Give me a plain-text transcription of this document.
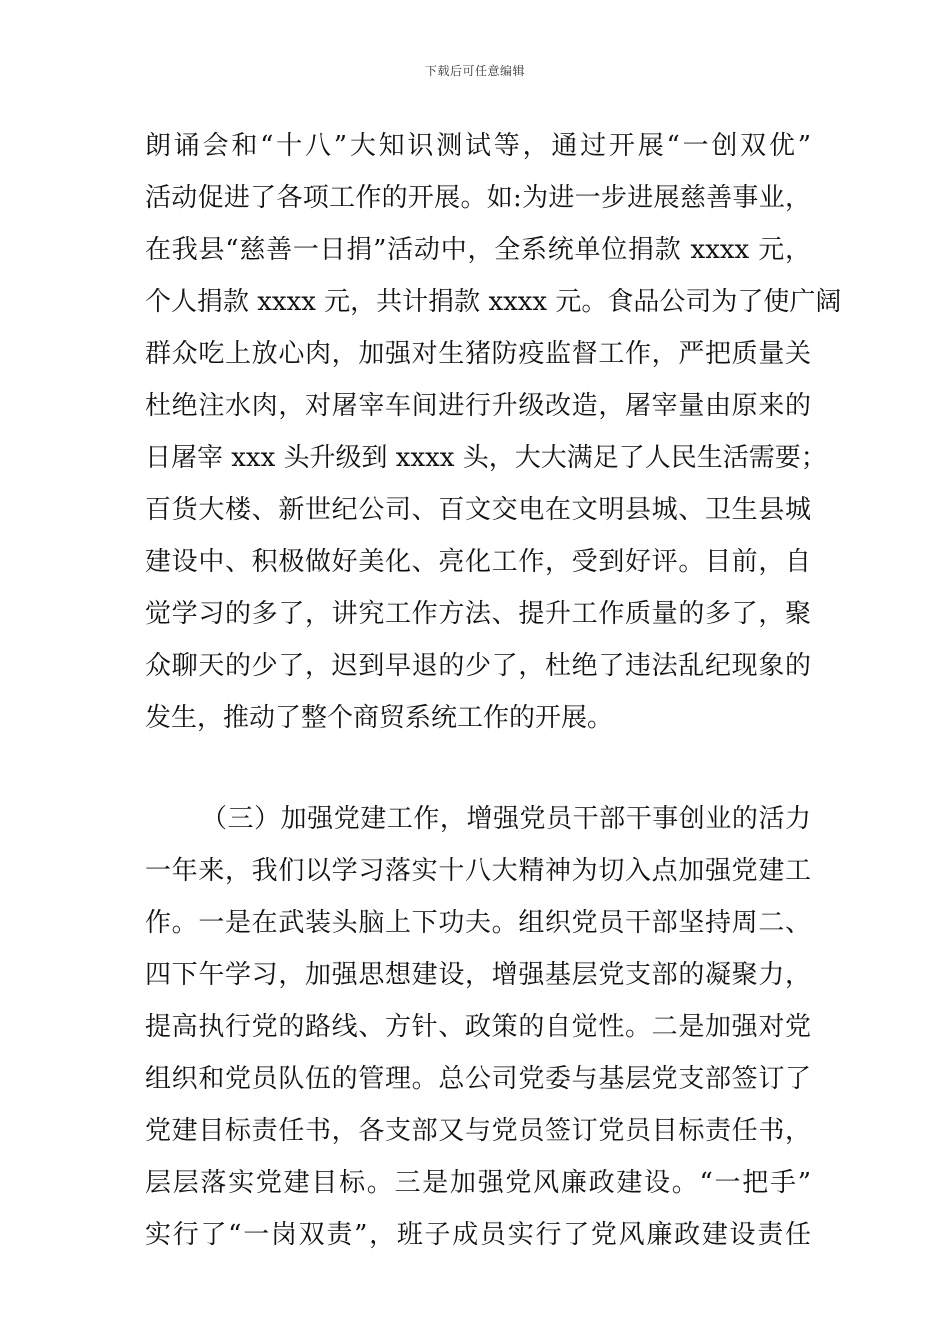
下载后可任意编辑
朗诵会和“十八”大知识测试等，通过开展“一创双优”
活动促进了各项工作的开展。如:为进一步进展慈善事业，
在我县“慈善一日捐”活动中，全系统单位捐款 xxxx 元，
个人捐款 xxxx 元，共计捐款 xxxx 元。食品公司为了使广阔
群众吃上放心肉，加强对生猪防疫监督工作，严把质量关
杜绝注水肉，对屠宰车间进行升级改造，屠宰量由原来的
日屠宰 xxx 头升级到 xxxx 头，大大满足了人民生活需要；
百货大楼、新世纪公司、百文交电在文明县城、卫生县城
建设中、积极做好美化、亮化工作，受到好评。目前，自
觉学习的多了，讲究工作方法、提升工作质量的多了，聚
众聊天的少了，迟到早退的少了，杜绝了违法乱纪现象的
发生，推动了整个商贸系统工作的开展。
（三）加强党建工作，增强党员干部干事创业的活力
一年来，我们以学习落实十八大精神为切入点加强党建工
作。一是在武装头脑上下功夫。组织党员干部坚持周二、
四下午学习，加强思想建设，增强基层党支部的凝聚力，
提高执行党的路线、方针、政策的自觉性。二是加强对党
组织和党员队伍的管理。总公司党委与基层党支部签订了
党建目标责任书，各支部又与党员签订党员目标责任书，
层层落实党建目标。三是加强党风廉政建设。“一把手”
实行了“一岗双责”，班子成员实行了党风廉政建设责任
